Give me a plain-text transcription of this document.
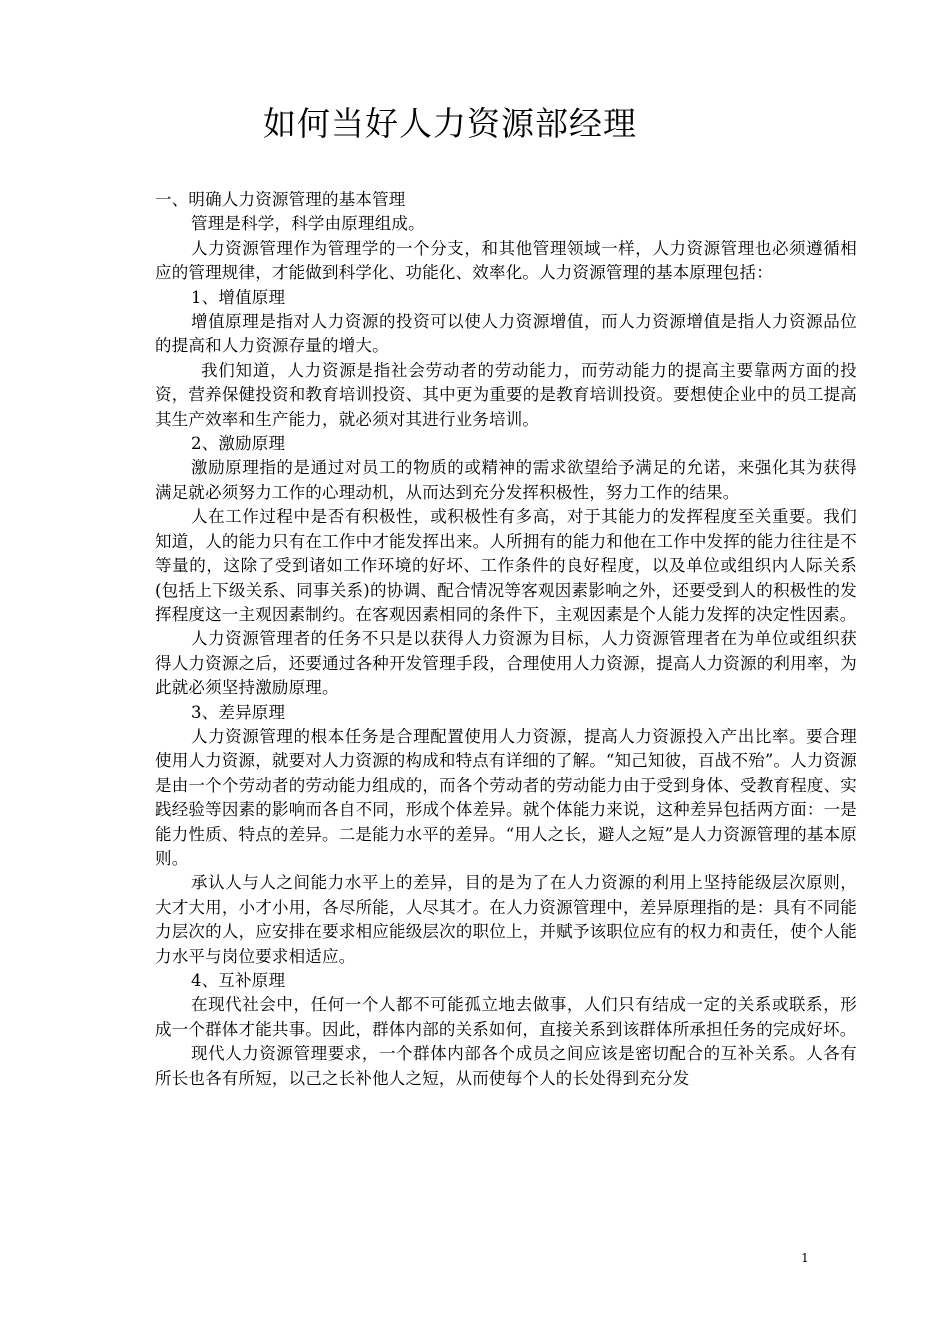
如何当好人力资源部经理

一、明确人力资源管理的基本管理

管理是科学，科学由原理组成。

人力资源管理作为管理学的一个分支，和其他管理领域一样，人力资源管理也必须遵循相应的管理规律，才能做到科学化、功能化、效率化。人力资源管理的基本原理包括：

1、增值原理

增值原理是指对人力资源的投资可以使人力资源增值，而人力资源增值是指人力资源品位的提高和人力资源存量的增大。

我们知道，人力资源是指社会劳动者的劳动能力，而劳动能力的提高主要靠两方面的投资，营养保健投资和教育培训投资、其中更为重要的是教育培训投资。要想使企业中的员工提高其生产效率和生产能力，就必须对其进行业务培训。

2、激励原理

激励原理指的是通过对员工的物质的或精神的需求欲望给予满足的允诺，来强化其为获得满足就必须努力工作的心理动机，从而达到充分发挥积极性，努力工作的结果。

人在工作过程中是否有积极性，或积极性有多高，对于其能力的发挥程度至关重要。我们知道，人的能力只有在工作中才能发挥出来。人所拥有的能力和他在工作中发挥的能力往往是不等量的，这除了受到诸如工作环境的好坏、工作条件的良好程度，以及单位或组织内人际关系(包括上下级关系、同事关系)的协调、配合情况等客观因素影响之外，还要受到人的积极性的发挥程度这一主观因素制约。在客观因素相同的条件下，主观因素是个人能力发挥的决定性因素。

人力资源管理者的任务不只是以获得人力资源为目标，人力资源管理者在为单位或组织获得人力资源之后，还要通过各种开发管理手段，合理使用人力资源，提高人力资源的利用率，为此就必须坚持激励原理。

3、差异原理

人力资源管理的根本任务是合理配置使用人力资源，提高人力资源投入产出比率。要合理使用人力资源，就要对人力资源的构成和特点有详细的了解。“知己知彼，百战不殆”。人力资源是由一个个劳动者的劳动能力组成的，而各个劳动者的劳动能力由于受到身体、受教育程度、实践经验等因素的影响而各自不同，形成个体差异。就个体能力来说，这种差异包括两方面：一是能力性质、特点的差异。二是能力水平的差异。“用人之长，避人之短”是人力资源管理的基本原则。

承认人与人之间能力水平上的差异，目的是为了在人力资源的利用上坚持能级层次原则，大才大用，小才小用，各尽所能，人尽其才。在人力资源管理中，差异原理指的是：具有不同能力层次的人，应安排在要求相应能级层次的职位上，并赋予该职位应有的权力和责任，使个人能力水平与岗位要求相适应。

4、互补原理

在现代社会中，任何一个人都不可能孤立地去做事，人们只有结成一定的关系或联系，形成一个群体才能共事。因此，群体内部的关系如何，直接关系到该群体所承担任务的完成好坏。

现代人力资源管理要求，一个群体内部各个成员之间应该是密切配合的互补关系。人各有所长也各有所短，以己之长补他人之短，从而使每个人的长处得到充分发

1
